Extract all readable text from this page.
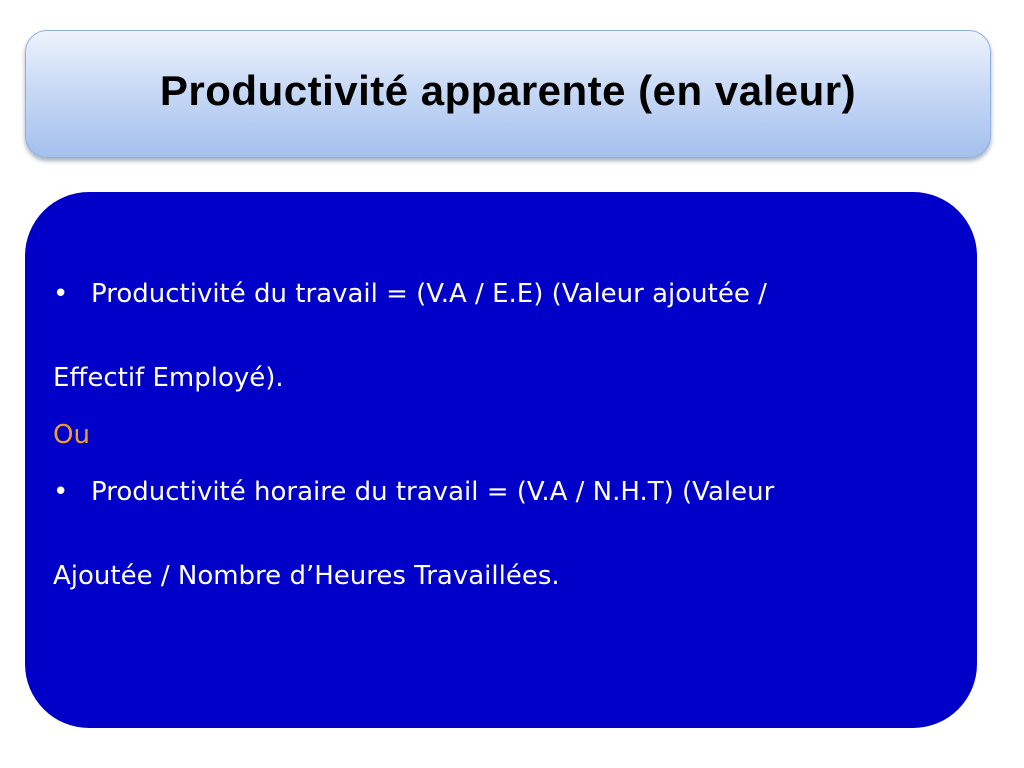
Productivité apparente (en valeur)
• Productivité du travail = (V.A / E.E) (Valeur ajoutée /
Effectif Employé).
Ou
• Productivité horaire du travail = (V.A / N.H.T) (Valeur
Ajoutée / Nombre d’Heures Travaillées.
